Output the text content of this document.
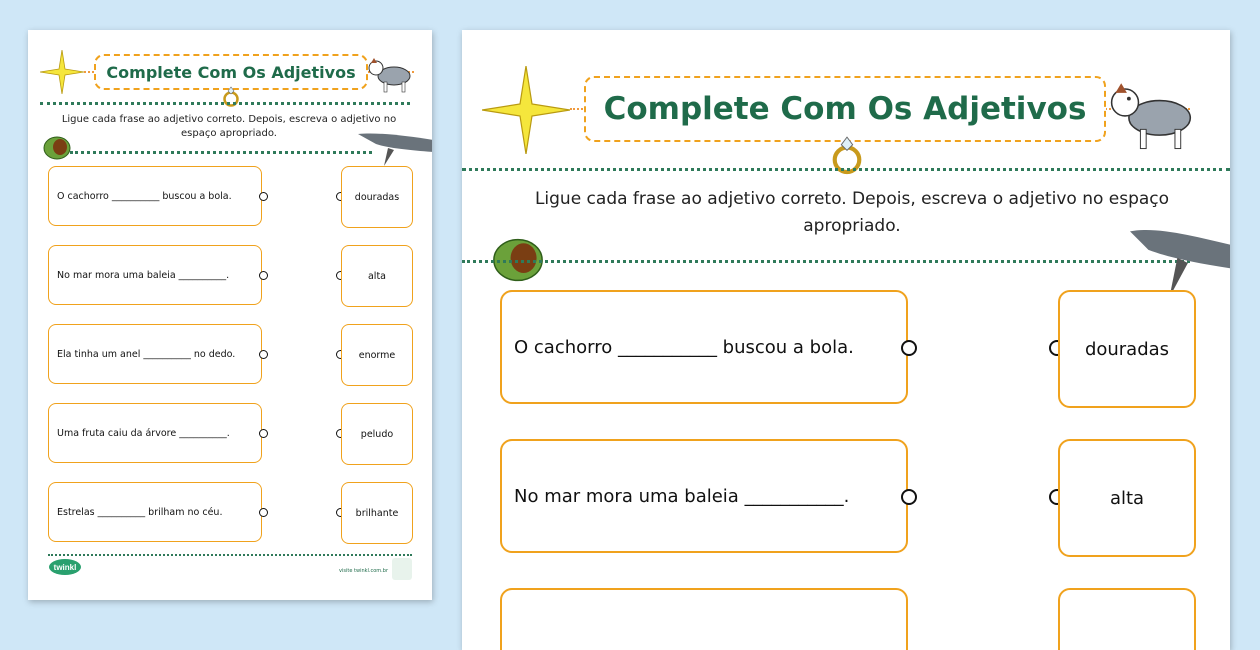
Complete Com Os Adjetivos
Ligue cada frase ao adjetivo correto. Depois, escreva o adjetivo no espaço apropriado.
O cachorro __________ buscou a bola.
No mar mora uma baleia __________.
Ela tinha um anel __________ no dedo.
Uma fruta caiu da árvore __________.
Estrelas __________ brilham no céu.
douradas
alta
enorme
peludo
brilhante
twinkl	visite twinkl.com.br
Complete Com Os Adjetivos
Ligue cada frase ao adjetivo correto. Depois, escreva o adjetivo no espaço apropriado.
O cachorro ___________ buscou a bola.
No mar mora uma baleia ___________.
douradas
alta
